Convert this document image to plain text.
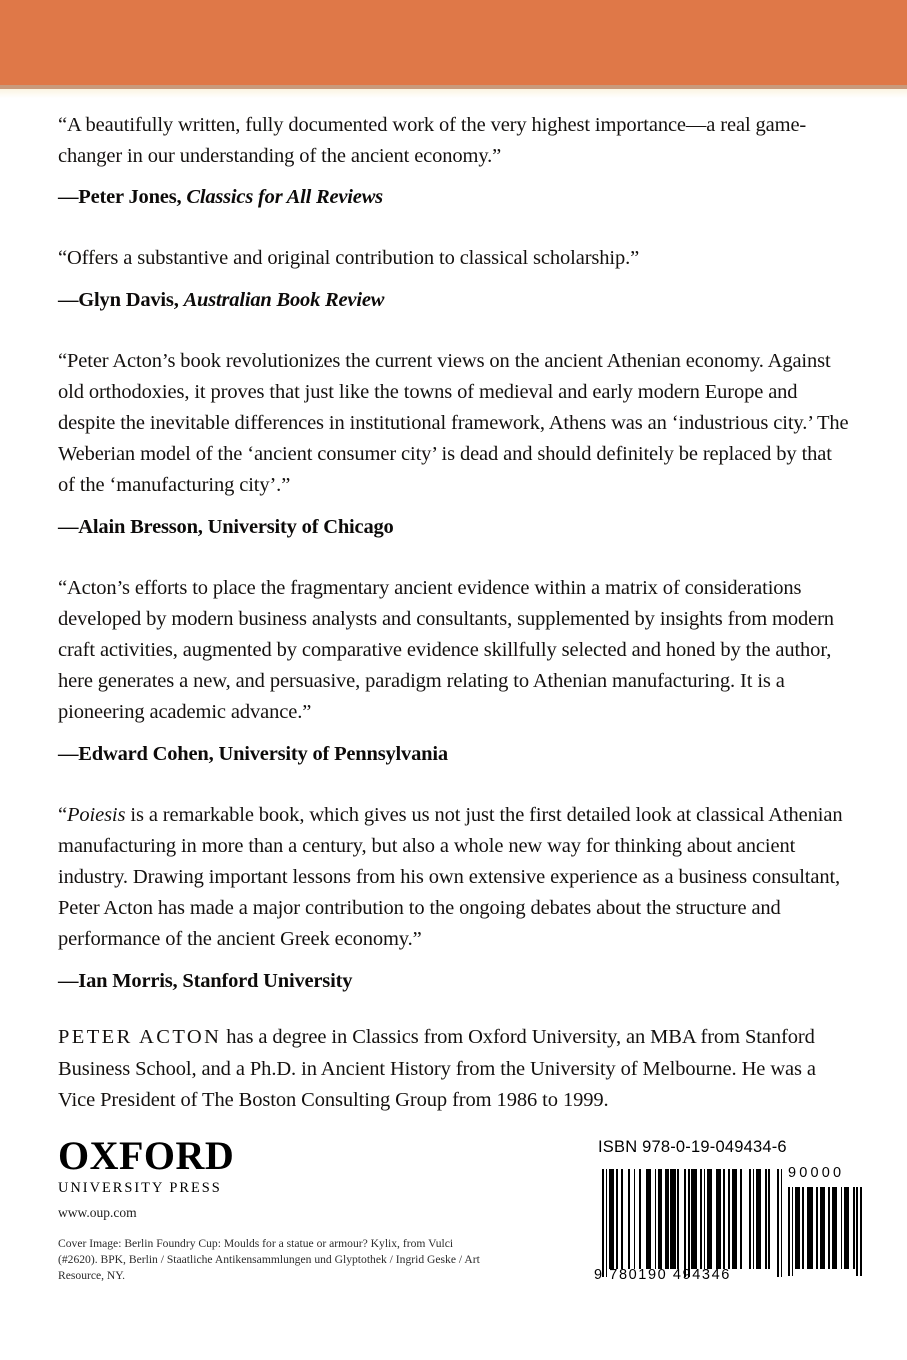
“A beautifully written, fully documented work of the very highest importance—a real game-changer in our understanding of the ancient economy.”

—Peter Jones, Classics for All Reviews

“Offers a substantive and original contribution to classical scholarship.”

—Glyn Davis, Australian Book Review

“Peter Acton’s book revolutionizes the current views on the ancient Athenian economy. Against old orthodoxies, it proves that just like the towns of medieval and early modern Europe and despite the inevitable differences in institutional framework, Athens was an ‘industrious city.’ The Weberian model of the ‘ancient consumer city’ is dead and should definitely be replaced by that of the ‘manufacturing city’.”

—Alain Bresson, University of Chicago

“Acton’s efforts to place the fragmentary ancient evidence within a matrix of considerations developed by modern business analysts and consultants, supplemented by insights from modern craft activities, augmented by comparative evidence skillfully selected and honed by the author, here generates a new, and persuasive, paradigm relating to Athenian manufacturing. It is a pioneering academic advance.”

—Edward Cohen, University of Pennsylvania

“Poiesis is a remarkable book, which gives us not just the first detailed look at classical Athenian manufacturing in more than a century, but also a whole new way for thinking about ancient industry. Drawing important lessons from his own extensive experience as a business consultant, Peter Acton has made a major contribution to the ongoing debates about the structure and performance of the ancient Greek economy.”

—Ian Morris, Stanford University

PETER ACTON has a degree in Classics from Oxford University, an MBA from Stanford Business School, and a Ph.D. in Ancient History from the University of Melbourne. He was a Vice President of The Boston Consulting Group from 1986 to 1999.
OXFORD
UNIVERSITY PRESS
www.oup.com
Cover Image: Berlin Foundry Cup: Moulds for a statue or armour? Kylix, from Vulci (#2620). BPK, Berlin / Staatliche Antikensammlungen und Glyptothek / Ingrid Geske / Art Resource, NY.
ISBN 978-0-19-049434-6
9 780190 494346
90000
